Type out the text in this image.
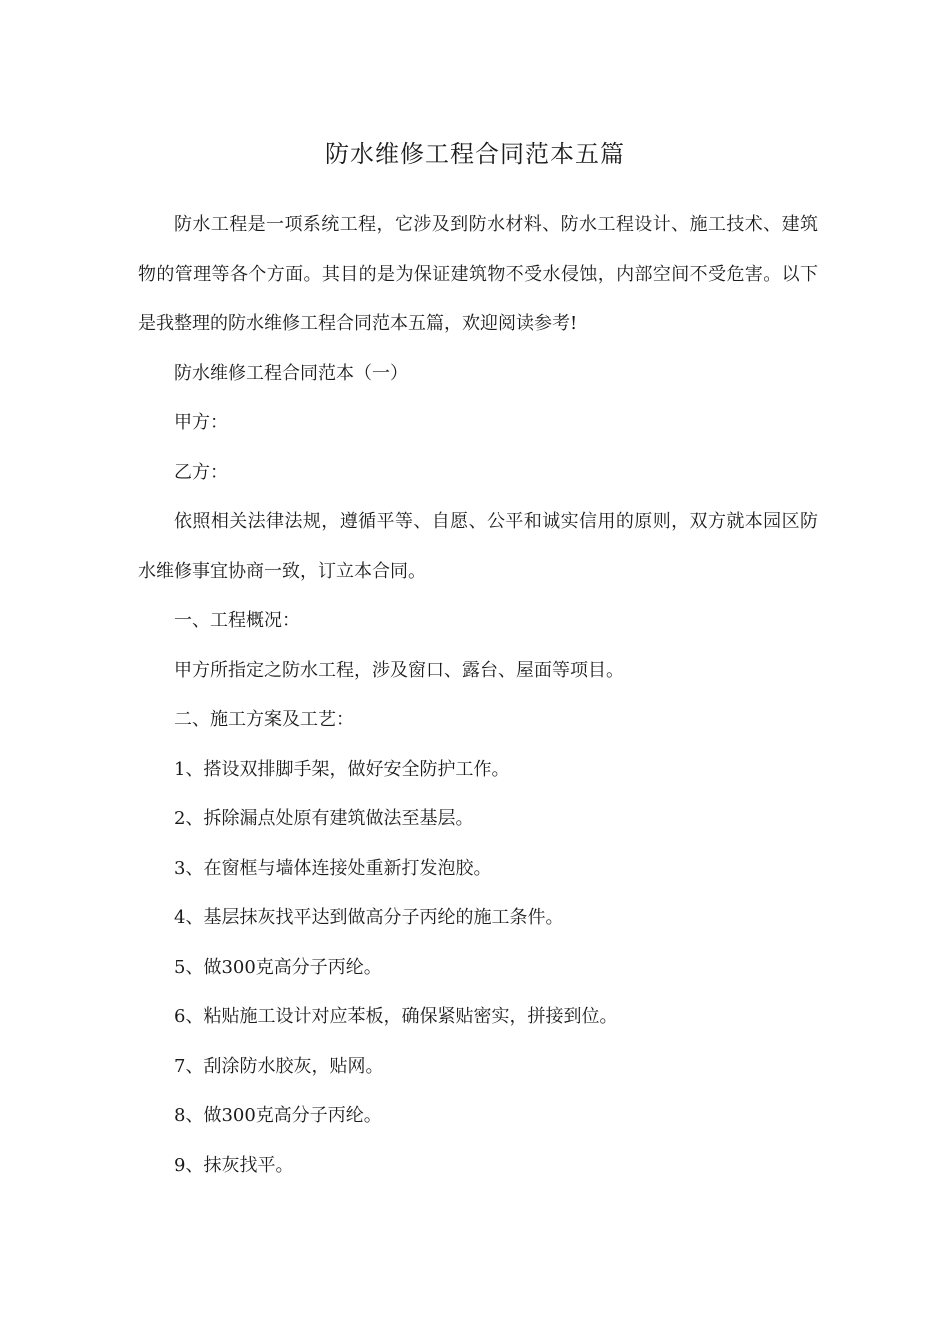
防水维修工程合同范本五篇

防水工程是一项系统工程，它涉及到防水材料、防水工程设计、施工技术、建筑物的管理等各个方面。其目的是为保证建筑物不受水侵蚀，内部空间不受危害。以下是我整理的防水维修工程合同范本五篇，欢迎阅读参考!

防水维修工程合同范本（一）

甲方：

乙方：

依照相关法律法规，遵循平等、自愿、公平和诚实信用的原则，双方就本园区防水维修事宜协商一致，订立本合同。

一、工程概况：

甲方所指定之防水工程，涉及窗口、露台、屋面等项目。

二、施工方案及工艺：

1、搭设双排脚手架，做好安全防护工作。

2、拆除漏点处原有建筑做法至基层。

3、在窗框与墙体连接处重新打发泡胶。

4、基层抹灰找平达到做高分子丙纶的施工条件。

5、做300克高分子丙纶。

6、粘贴施工设计对应苯板，确保紧贴密实，拼接到位。

7、刮涂防水胶灰，贴网。

8、做300克高分子丙纶。

9、抹灰找平。
